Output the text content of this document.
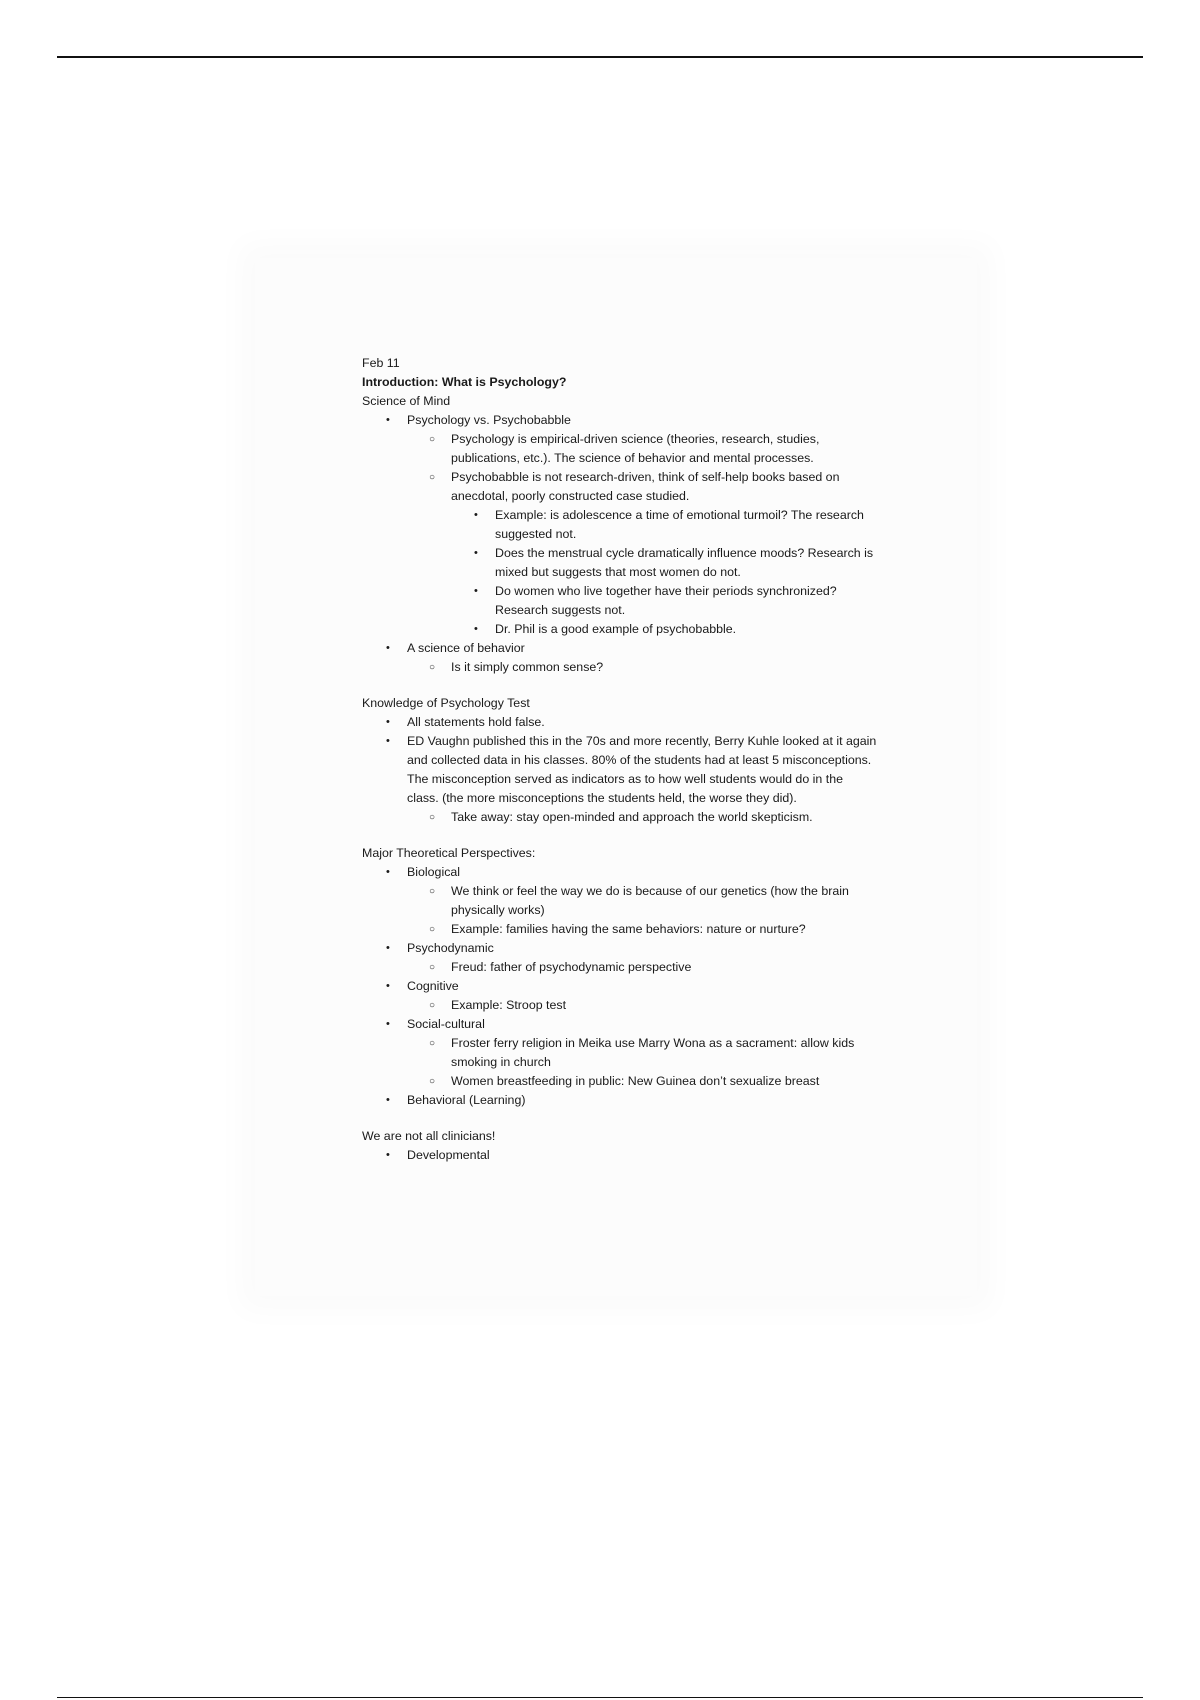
Feb 11
Introduction: What is Psychology?
Science of Mind
• Psychology vs. Psychobabble
○ Psychology is empirical-driven science (theories, research, studies, publications, etc.). The science of behavior and mental processes.
○ Psychobabble is not research-driven, think of self-help books based on anecdotal, poorly constructed case studied.
• Example: is adolescence a time of emotional turmoil? The research suggested not.
• Does the menstrual cycle dramatically influence moods? Research is mixed but suggests that most women do not.
• Do women who live together have their periods synchronized? Research suggests not.
• Dr. Phil is a good example of psychobabble.
• A science of behavior
○ Is it simply common sense?
Knowledge of Psychology Test
• All statements hold false.
• ED Vaughn published this in the 70s and more recently, Berry Kuhle looked at it again and collected data in his classes. 80% of the students had at least 5 misconceptions. The misconception served as indicators as to how well students would do in the class. (the more misconceptions the students held, the worse they did).
○ Take away: stay open-minded and approach the world skepticism.
Major Theoretical Perspectives:
• Biological
○ We think or feel the way we do is because of our genetics (how the brain physically works)
○ Example: families having the same behaviors: nature or nurture?
• Psychodynamic
○ Freud: father of psychodynamic perspective
• Cognitive
○ Example: Stroop test
• Social-cultural
○ Froster ferry religion in Meika use Marry Wona as a sacrament: allow kids smoking in church
○ Women breastfeeding in public: New Guinea don’t sexualize breast
• Behavioral (Learning)
We are not all clinicians!
• Developmental
